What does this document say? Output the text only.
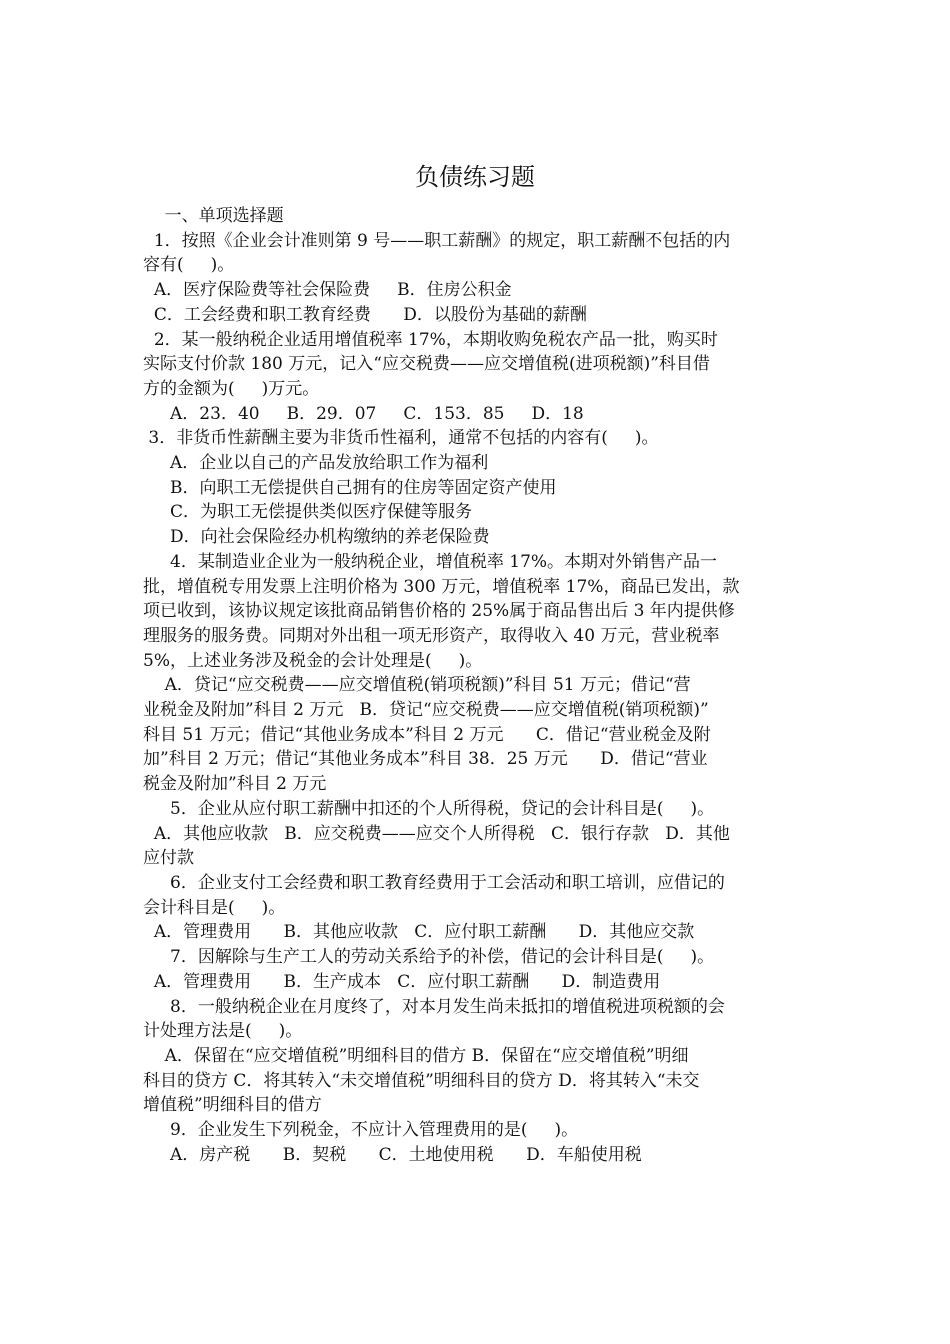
负债练习题
一、单项选择题
1．按照《企业会计准则第 9 号——职工薪酬》的规定，职工薪酬不包括的内
容有(     )。
A．医疗保险费等社会保险费     B．住房公积金
C．工会经费和职工教育经费      D．以股份为基础的薪酬
2．某一般纳税企业适用增值税率 17%，本期收购免税农产品一批，购买时
实际支付价款 180 万元，记入“应交税费——应交增值税(进项税额)”科目借
方的金额为(     )万元。
A．23．40     B．29．07     C．153．85     D．18
3．非货币性薪酬主要为非货币性福利，通常不包括的内容有(     )。
A．企业以自己的产品发放给职工作为福利
B．向职工无偿提供自己拥有的住房等固定资产使用
C．为职工无偿提供类似医疗保健等服务
D．向社会保险经办机构缴纳的养老保险费
4．某制造业企业为一般纳税企业，增值税率 17%。本期对外销售产品一
批，增值税专用发票上注明价格为 300 万元，增值税率 17%，商品已发出，款
项已收到，该协议规定该批商品销售价格的 25%属于商品售出后 3 年内提供修
理服务的服务费。同期对外出租一项无形资产，取得收入 40 万元，营业税率
5%，上述业务涉及税金的会计处理是(     )。
A．贷记“应交税费——应交增值税(销项税额)”科目 51 万元；借记“营
业税金及附加”科目 2 万元   B．贷记“应交税费——应交增值税(销项税额)”
科目 51 万元；借记“其他业务成本”科目 2 万元      C．借记“营业税金及附
加”科目 2 万元；借记“其他业务成本”科目 38．25 万元      D．借记“营业
税金及附加”科目 2 万元
5．企业从应付职工薪酬中扣还的个人所得税，贷记的会计科目是(     )。
A．其他应收款   B．应交税费——应交个人所得税   C．银行存款   D．其他
应付款
6．企业支付工会经费和职工教育经费用于工会活动和职工培训，应借记的
会计科目是(     )。
A．管理费用      B．其他应收款   C．应付职工薪酬      D．其他应交款
7．因解除与生产工人的劳动关系给予的补偿，借记的会计科目是(     )。
A．管理费用      B．生产成本   C．应付职工薪酬      D．制造费用
8．一般纳税企业在月度终了，对本月发生尚未抵扣的增值税进项税额的会
计处理方法是(     )。
A．保留在“应交增值税”明细科目的借方 B．保留在“应交增值税”明细
科目的贷方 C．将其转入“未交增值税”明细科目的贷方 D．将其转入“未交
增值税”明细科目的借方
9．企业发生下列税金，不应计入管理费用的是(     )。
A．房产税      B．契税      C．土地使用税      D．车船使用税
